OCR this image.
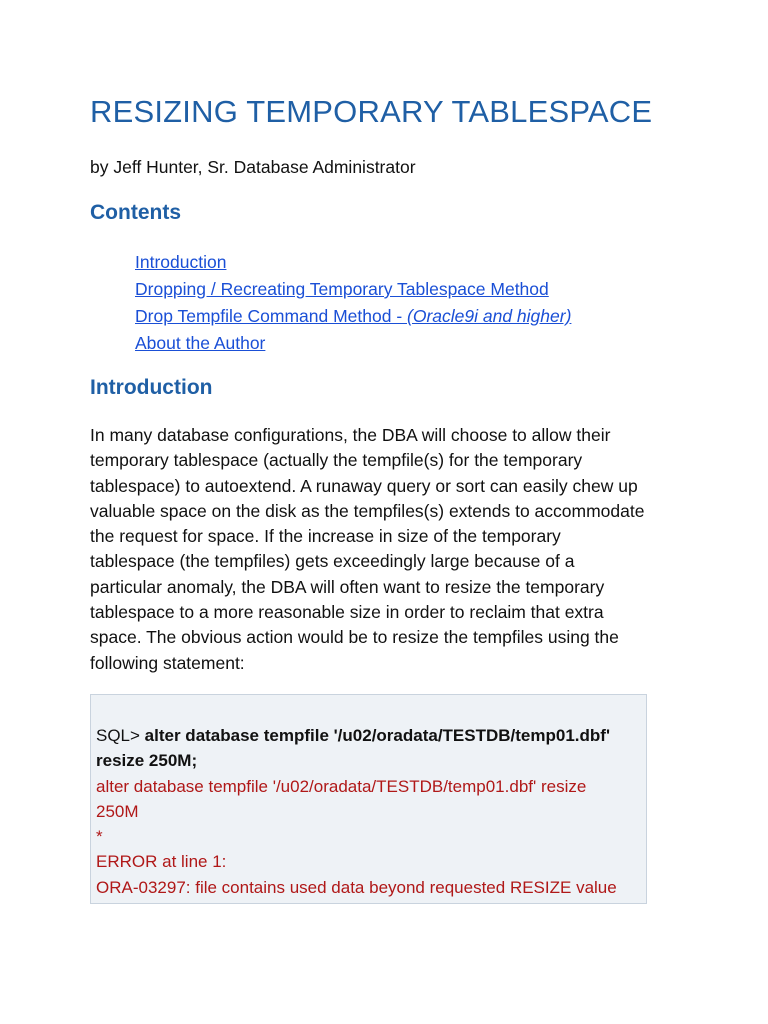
RESIZING TEMPORARY TABLESPACE

by Jeff Hunter, Sr. Database Administrator

Contents
Introduction
Dropping / Recreating Temporary Tablespace Method
Drop Tempfile Command Method - (Oracle9i and higher)
About the Author
Introduction

In many database configurations, the DBA will choose to allow their
temporary tablespace (actually the tempfile(s) for the temporary
tablespace) to autoextend. A runaway query or sort can easily chew up
valuable space on the disk as the tempfiles(s) extends to accommodate
the request for space. If the increase in size of the temporary
tablespace (the tempfiles) gets exceedingly large because of a
particular anomaly, the DBA will often want to resize the temporary
tablespace to a more reasonable size in order to reclaim that extra
space. The obvious action would be to resize the tempfiles using the
following statement:

SQL> alter database tempfile '/u02/oradata/TESTDB/temp01.dbf'
resize 250M;
alter database tempfile '/u02/oradata/TESTDB/temp01.dbf' resize
250M
*
ERROR at line 1:
ORA-03297: file contains used data beyond requested RESIZE value
